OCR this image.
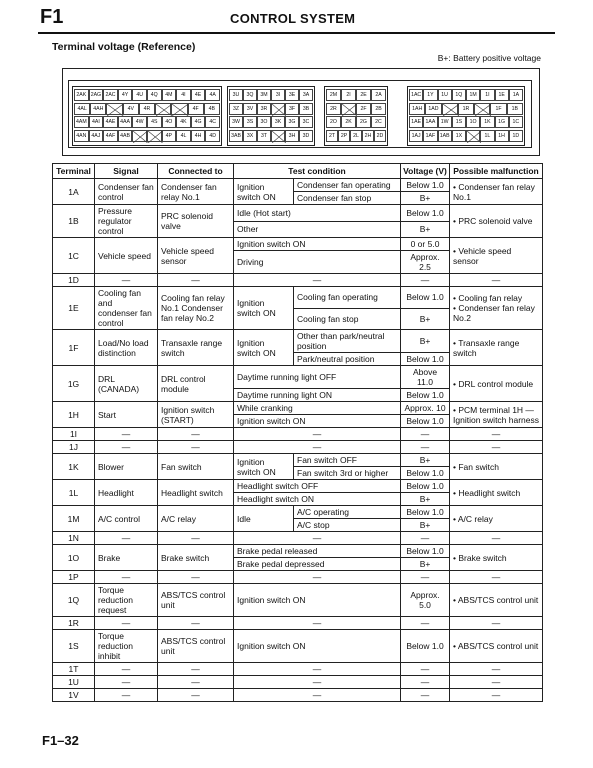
F1	CONTROL SYSTEM
Terminal voltage (Reference)
B+: Battery positive voltage
2AK 2AG 2AC	4Y	4U	4Q	4M	4I	4E	4A
4AL	4AH	4V	4R	4F	4B
4AM	4AI	4AE 4AA	4W	4S	4O	4K	4G	4C
4AN 4AJ	4AF 4AB	4P	4L	4H	4D
3U	3Q	3M	3I	3E	3A
3Z	3V	3R	3F	3B
3W	3S	3O	3K	3G	3C
3AB	3X	3T	3H	3D
2M	2I	2E	2A
2R	2F	2B
2O	2K	2G	2C
2T	2P	2L	2H	2D
1AC	1Y	1U	1Q	1M	1I	1E	1A
1AH	1AD	1R	1F	1B
1AE 1AA	1W	1S	1O	1K	1G	1C
1AJ 1AF 1AB	1X	1L	1H	1D
Terminal	Signal	Connected to	Test condition		Voltage (V)	Possible malfunction
1A	Condenser fan control	Condenser fan relay No.1	Ignition switch ON	Condenser fan operating	Below 1.0	• Condenser fan relay No.1

				Condenser fan stop	B+	
1B	Pressure regulator control	PRC solenoid valve	Idle (Hot start)		Below 1.0	• PRC solenoid valve

			Other		B+	
1C	Vehicle speed	Vehicle speed sensor	Ignition switch ON		0 or 5.0	• Vehicle speed sensor

			Driving		Approx. 2.5	
1D	—	—	—		—	—
1E	Cooling fan and condenser fan control	Cooling fan relay No.1 Condenser fan relay No.2	Ignition switch ON	Cooling fan operating	Below 1.0	• Cooling fan relay
• Condenser fan relay No.2

				Cooling fan stop	B+	
1F	Load/No load distinction	Transaxle range switch	Ignition switch ON	Other than park/neutral position	B+	• Transaxle range switch

				Park/neutral position	Below 1.0	
1G	DRL (CANADA)	DRL control module	Daytime running light OFF		Above 11.0	• DRL control module

			Daytime running light ON		Below 1.0	
1H	Start	Ignition switch (START)	While cranking		Approx. 10	• PCM terminal 1H — Ignition switch harness

			Ignition switch ON		Below 1.0	
1I	—	—	—		—	—
1J	—	—	—		—	—
1K	Blower	Fan switch	Ignition switch ON	Fan switch OFF	B+	• Fan switch

				Fan switch 3rd or higher	Below 1.0	
1L	Headlight	Headlight switch	Headlight switch OFF		Below 1.0	• Headlight switch

			Headlight switch ON		B+	
1M	A/C control	A/C relay	Idle	A/C operating	Below 1.0	• A/C relay

				A/C stop	B+	
1N	—	—	—		—	—
1O	Brake	Brake switch	Brake pedal released		Below 1.0	• Brake switch

			Brake pedal depressed		B+	
1P	—	—	—		—	—
1Q	Torque reduction request	ABS/TCS control unit	Ignition switch ON		Approx. 5.0	• ABS/TCS control unit

1R	—	—	—		—	—
1S	Torque reduction inhibit	ABS/TCS control unit	Ignition switch ON		Below 1.0	• ABS/TCS control unit

1T	—	—	—		—	—
1U	—	—	—		—	—
1V	—	—	—		—	—
F1–32
